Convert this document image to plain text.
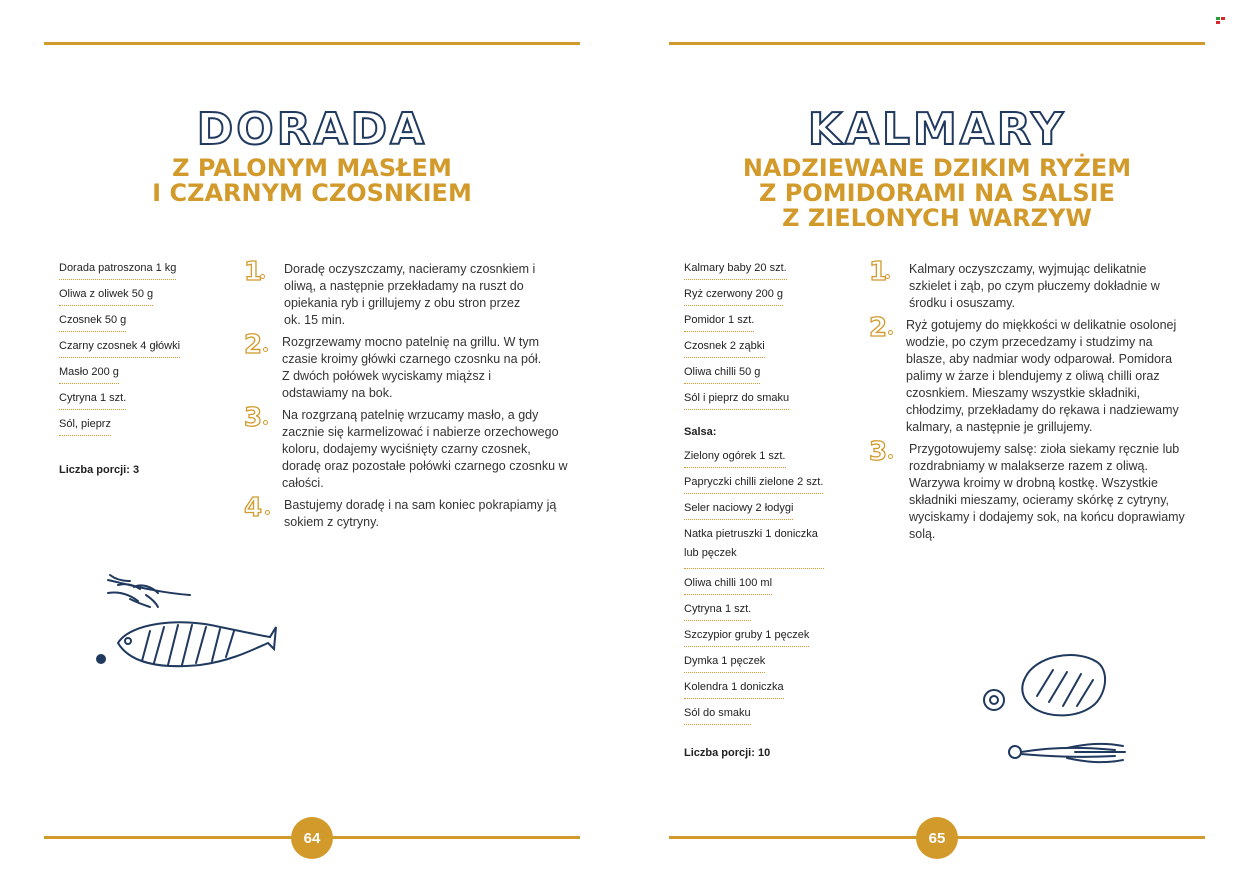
DORADA
Z PALONYM MASŁEM
I CZARNYM CZOSNKIEM
Dorada patroszona 1 kg
Oliwa z oliwek 50 g
Czosnek 50 g
Czarny czosnek 4 główki
Masło 200 g
Cytryna 1 szt.
Sól, pieprz
Liczba porcji: 3
1 Doradę oczyszczamy, nacieramy czosnkiem i oliwą, a następnie przekładamy na ruszt do opiekania ryb i grillujemy z obu stron przez ok. 15 min.
2 Rozgrzewamy mocno patelnię na grillu. W tym czasie kroimy główki czarnego czosnku na pół. Z dwóch połówek wyciskamy miąższ i odstawiamy na bok.
3 Na rozgrzaną patelnię wrzucamy masło, a gdy zacznie się karmelizować i nabierze orzechowego koloru, dodajemy wyciśnięty czarny czosnek, doradę oraz pozostałe połówki czarnego czosnku w całości.
4 Bastujemy doradę i na sam koniec pokrapiamy ją sokiem z cytryny.
64
KALMARY
NADZIEWANE DZIKIM RYŻEM
Z POMIDORAMI NA SALSIE
Z ZIELONYCH WARZYW
Kalmary baby 20 szt.
Ryż czerwony 200 g
Pomidor 1 szt.
Czosnek 2 ząbki
Oliwa chilli 50 g
Sól i pieprz do smaku
Salsa:
Zielony ogórek 1 szt.
Papryczki chilli zielone 2 szt.
Seler naciowy 2 łodygi
Natka pietruszki 1 doniczka lub pęczek
Oliwa chilli 100 ml
Cytryna 1 szt.
Szczypior gruby 1 pęczek
Dymka 1 pęczek
Kolendra 1 doniczka
Sól do smaku
Liczba porcji: 10
1 Kalmary oczyszczamy, wyjmując delikatnie szkielet i ząb, po czym płuczemy dokładnie w środku i osuszamy.
2 Ryż gotujemy do miękkości w delikatnie osolonej wodzie, po czym przecedzamy i studzimy na blasze, aby nadmiar wody odparował. Pomidora palimy w żarze i blendujemy z oliwą chilli oraz czosnkiem. Mieszamy wszystkie składniki, chłodzimy, przekładamy do rękawa i nadziewamy kalmary, a następnie je grillujemy.
3 Przygotowujemy salsę: zioła siekamy ręcznie lub rozdrabniamy w malakserze razem z oliwą. Warzywa kroimy w drobną kostkę. Wszystkie składniki mieszamy, ocieramy skórkę z cytryny, wyciskamy i dodajemy sok, na końcu doprawiamy solą.
65
